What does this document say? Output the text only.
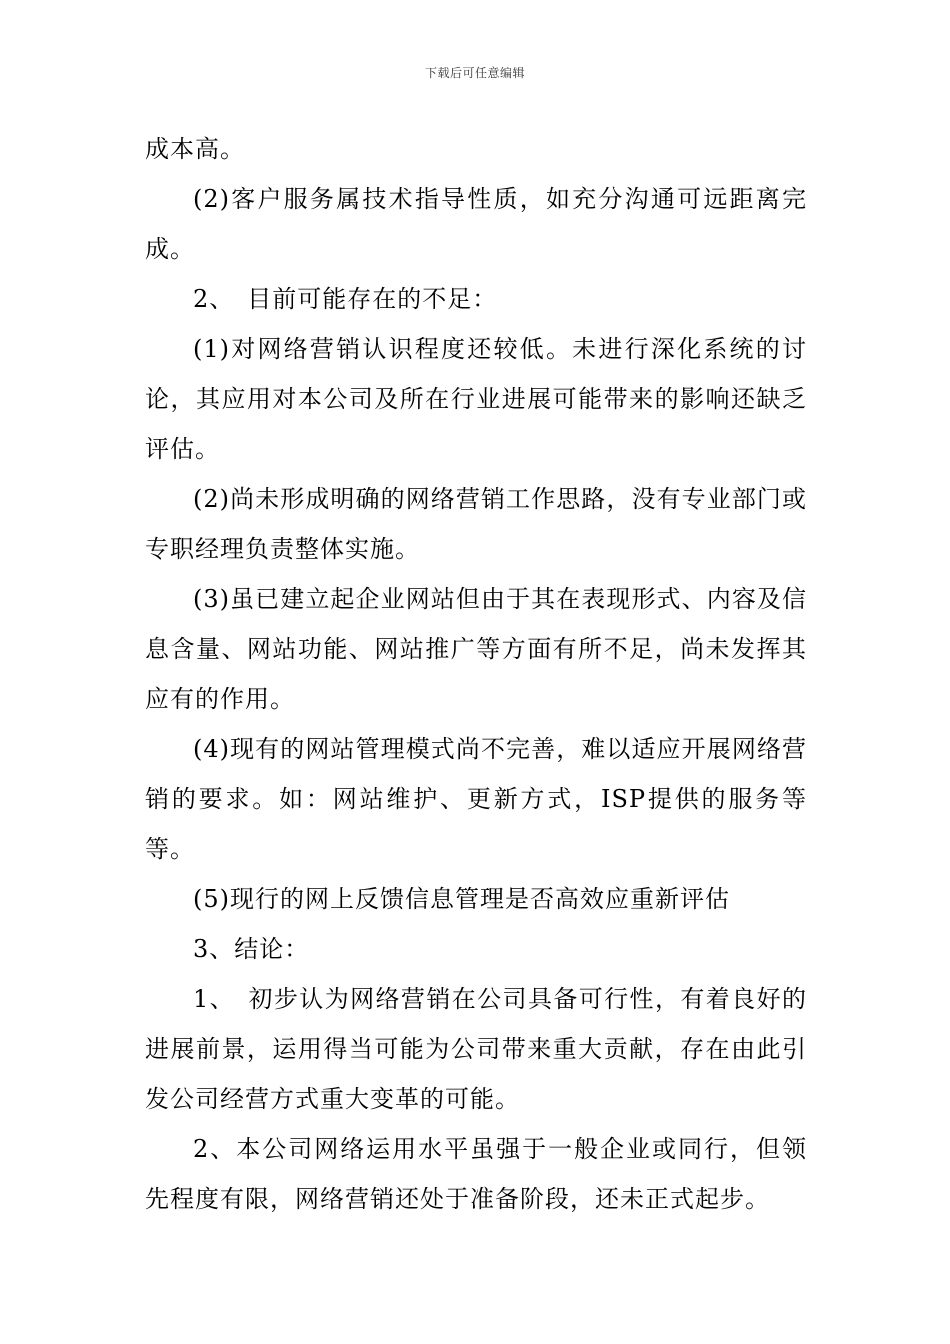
下载后可任意编辑

成本高。

(2)客户服务属技术指导性质，如充分沟通可远距离完成。

2、　目前可能存在的不足：

(1)对网络营销认识程度还较低。未进行深化系统的讨论，其应用对本公司及所在行业进展可能带来的影响还缺乏评估。

(2)尚未形成明确的网络营销工作思路，没有专业部门或专职经理负责整体实施。

(3)虽已建立起企业网站但由于其在表现形式、内容及信息含量、网站功能、网站推广等方面有所不足，尚未发挥其应有的作用。

(4)现有的网站管理模式尚不完善，难以适应开展网络营销的要求。如：网站维护、更新方式，ISP提供的服务等等。

(5)现行的网上反馈信息管理是否高效应重新评估

3、结论：

1、　初步认为网络营销在公司具备可行性，有着良好的进展前景，运用得当可能为公司带来重大贡献，存在由此引发公司经营方式重大变革的可能。

2、本公司网络运用水平虽强于一般企业或同行，但领先程度有限，网络营销还处于准备阶段，还未正式起步。
